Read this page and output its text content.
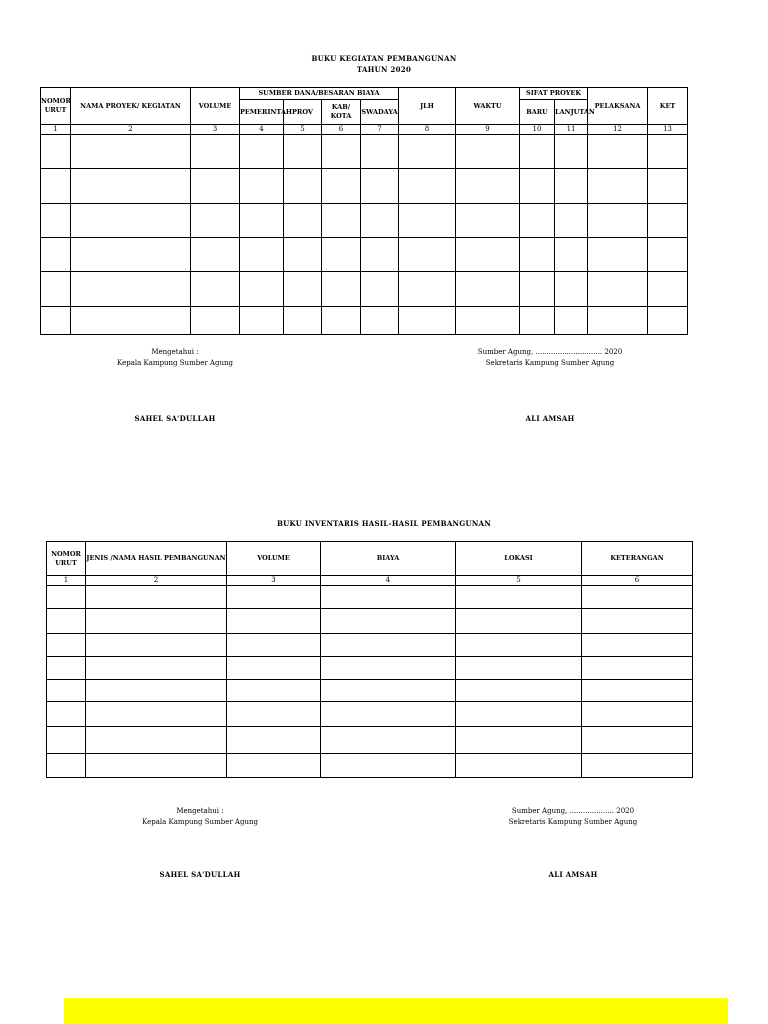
BUKU KEGIATAN PEMBANGUNAN
TAHUN 2020
NOMOR URUT	NAMA PROYEK/ KEGIATAN	VOLUME	SUMBER DANA/BESARAN BIAYA				JLH	WAKTU	SIFAT PROYEK		PELAKSANA	KET
			PEMERINTAH	PROV	KAB/ KOTA	SWADAYA			BARU	LANJUTAN		
1	2	3	4	5	6	7	8	9	10	11	12	13

Mengetahui :
Kepala Kampung Sumber Agung
Sumber Agung, .............................. 2020
Sekretaris Kampung Sumber Agung
SAHEL SA'DULLAH	ALI AMSAH
BUKU INVENTARIS HASIL-HASIL PEMBANGUNAN
NOMOR URUT	JENIS /NAMA HASIL PEMBANGUNAN	VOLUME	BIAYA	LOKASI	KETERANGAN
1	2	3	4	5	6

Mengetahui :
Kepala Kampung Sumber Agung
Sumber Agung, .................... 2020
Sekretaris Kampung Sumber Agung
SAHEL SA'DULLAH	ALI AMSAH
